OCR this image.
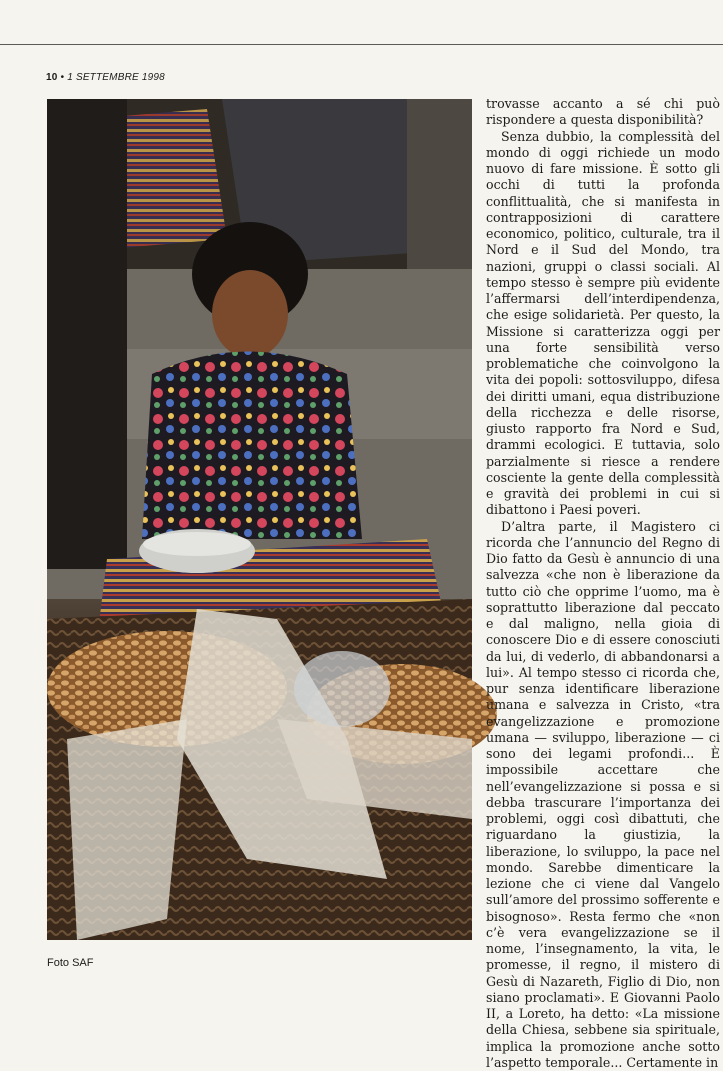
10 • 1 SETTEMBRE 1998
Foto SAF

trovasse accanto a sé chi può rispondere a questa disponibilità?

Senza dubbio, la complessità del mondo di oggi richiede un modo nuovo di fare missione. È sotto gli occhi di tutti la profonda conflittualità, che si manifesta in contrapposizioni di carattere economico, politico, culturale, tra il Nord e il Sud del Mondo, tra nazioni, gruppi o classi sociali. Al tempo stesso è sempre più evidente l’affermarsi dell’interdipendenza, che esige solidarietà. Per questo, la Missione si caratterizza oggi per una forte sensibilità verso problematiche che coinvolgono la vita dei popoli: sottosviluppo, difesa dei diritti umani, equa distribuzione della ricchezza e delle risorse, giusto rapporto fra Nord e Sud, drammi ecologici. E tuttavia, solo parzialmente si riesce a rendere cosciente la gente della complessità e gravità dei problemi in cui si dibattono i Paesi poveri.

D’altra parte, il Magistero ci ricorda che l’annuncio del Regno di Dio fatto da Gesù è annuncio di una salvezza «che non è liberazione da tutto ciò che opprime l’uomo, ma è soprattutto liberazione dal peccato e dal maligno, nella gioia di conoscere Dio e di essere conosciuti da lui, di vederlo, di abbandonarsi a lui». Al tempo stesso ci ricorda che, pur senza identificare liberazione umana e salvezza in Cristo, «tra evangelizzazione e promozione umana — sviluppo, liberazione — ci sono dei legami profondi... È impossibile accettare che nell’evangelizzazione si possa e si debba trascurare l’importanza dei problemi, oggi così dibattuti, che riguardano la giustizia, la liberazione, lo sviluppo, la pace nel mondo. Sarebbe dimenticare la lezione che ci viene dal Vangelo sull’amore del prossimo sofferente e bisognoso». Resta fermo che «non c’è vera evangelizzazione se il nome, l’insegnamento, la vita, le promesse, il regno, il mistero di Gesù di Nazareth, Figlio di Dio, non siano proclamati». E Giovanni Paolo II, a Loreto, ha detto: «La missione della Chiesa, sebbene sia spirituale, implica la promozione anche sotto l’aspetto temporale... Certamente in
